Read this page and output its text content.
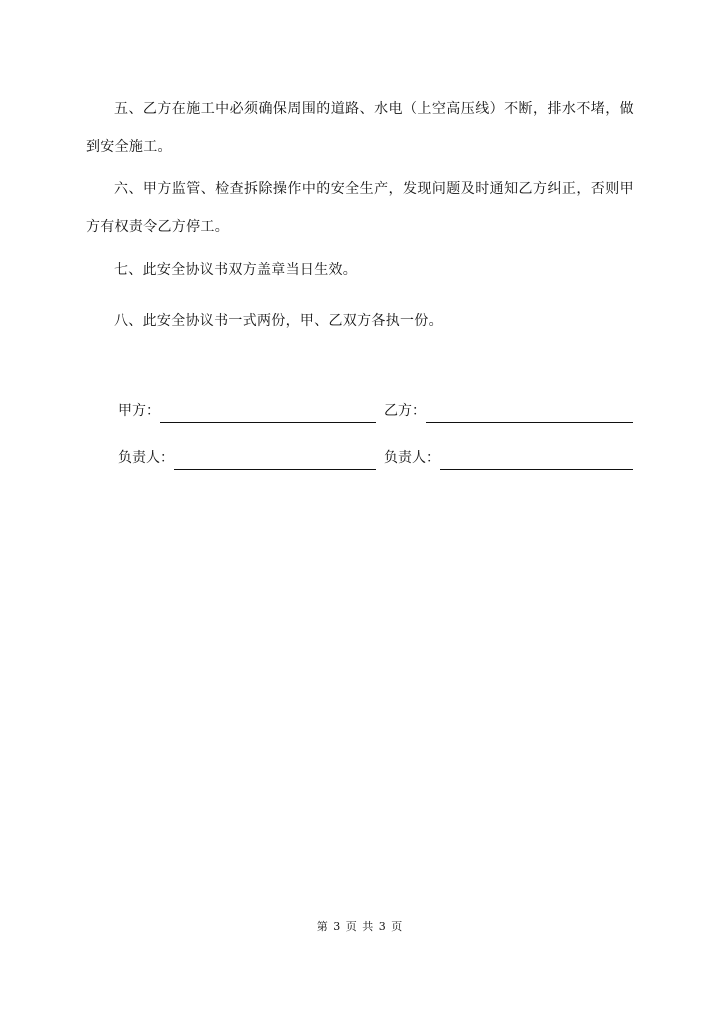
五、乙方在施工中必须确保周围的道路、水电（上空高压线）不断，排水不堵，做到安全施工。

六、甲方监管、检查拆除操作中的安全生产，发现问题及时通知乙方纠正，否则甲方有权责令乙方停工。

七、此安全协议书双方盖章当日生效。

八、此安全协议书一式两份，甲、乙双方各执一份。

甲方：	乙方：
负责人：	负责人：
第 3 页 共 3 页
